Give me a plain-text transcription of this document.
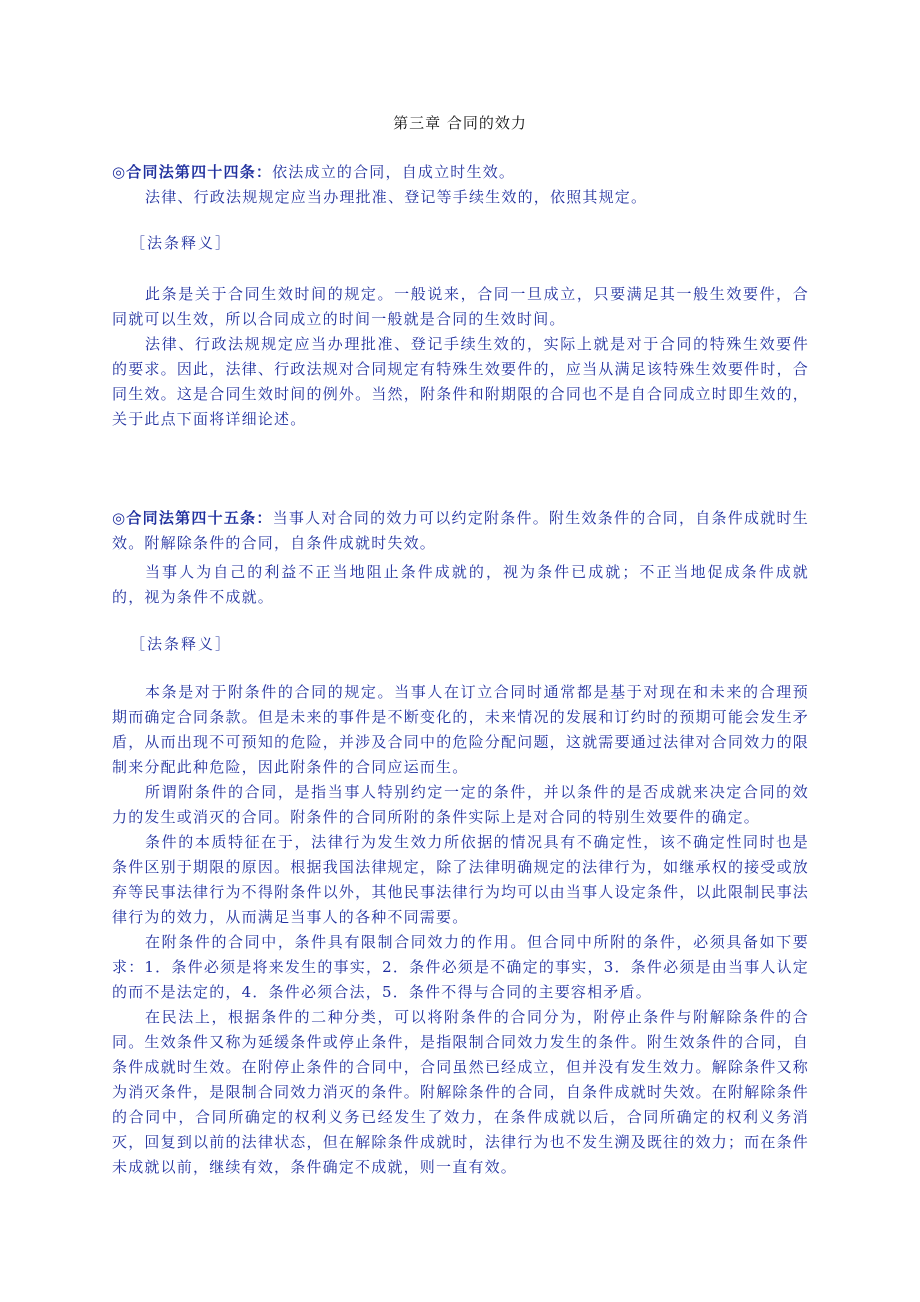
第三章 合同的效力

◎合同法第四十四条：依法成立的合同，自成立时生效。

法律、行政法规规定应当办理批准、登记等手续生效的，依照其规定。

［法条释义］

此条是关于合同生效时间的规定。一般说来，合同一旦成立，只要满足其一般生效要件，合同就可以生效，所以合同成立的时间一般就是合同的生效时间。

法律、行政法规规定应当办理批准、登记手续生效的，实际上就是对于合同的特殊生效要件的要求。因此，法律、行政法规对合同规定有特殊生效要件的，应当从满足该特殊生效要件时，合同生效。这是合同生效时间的例外。当然，附条件和附期限的合同也不是自合同成立时即生效的，关于此点下面将详细论述。

◎合同法第四十五条：当事人对合同的效力可以约定附条件。附生效条件的合同，自条件成就时生效。附解除条件的合同，自条件成就时失效。

当事人为自己的利益不正当地阻止条件成就的，视为条件已成就；不正当地促成条件成就的，视为条件不成就。

［法条释义］

本条是对于附条件的合同的规定。当事人在订立合同时通常都是基于对现在和未来的合理预期而确定合同条款。但是未来的事件是不断变化的，未来情况的发展和订约时的预期可能会发生矛盾，从而出现不可预知的危险，并涉及合同中的危险分配问题，这就需要通过法律对合同效力的限制来分配此种危险，因此附条件的合同应运而生。

所谓附条件的合同，是指当事人特别约定一定的条件，并以条件的是否成就来决定合同的效力的发生或消灭的合同。附条件的合同所附的条件实际上是对合同的特别生效要件的确定。

条件的本质特征在于，法律行为发生效力所依据的情况具有不确定性，该不确定性同时也是条件区别于期限的原因。根据我国法律规定，除了法律明确规定的法律行为，如继承权的接受或放弃等民事法律行为不得附条件以外，其他民事法律行为均可以由当事人设定条件，以此限制民事法律行为的效力，从而满足当事人的各种不同需要。

在附条件的合同中，条件具有限制合同效力的作用。但合同中所附的条件，必须具备如下要求：1．条件必须是将来发生的事实，2．条件必须是不确定的事实，3．条件必须是由当事人认定的而不是法定的，4．条件必须合法，5．条件不得与合同的主要容相矛盾。

在民法上，根据条件的二种分类，可以将附条件的合同分为，附停止条件与附解除条件的合同。生效条件又称为延缓条件或停止条件，是指限制合同效力发生的条件。附生效条件的合同，自条件成就时生效。在附停止条件的合同中，合同虽然已经成立，但并没有发生效力。解除条件又称为消灭条件，是限制合同效力消灭的条件。附解除条件的合同，自条件成就时失效。在附解除条件的合同中，合同所确定的权利义务已经发生了效力，在条件成就以后，合同所确定的权利义务消灭，回复到以前的法律状态，但在解除条件成就时，法律行为也不发生溯及既往的效力；而在条件未成就以前，继续有效，条件确定不成就，则一直有效。
